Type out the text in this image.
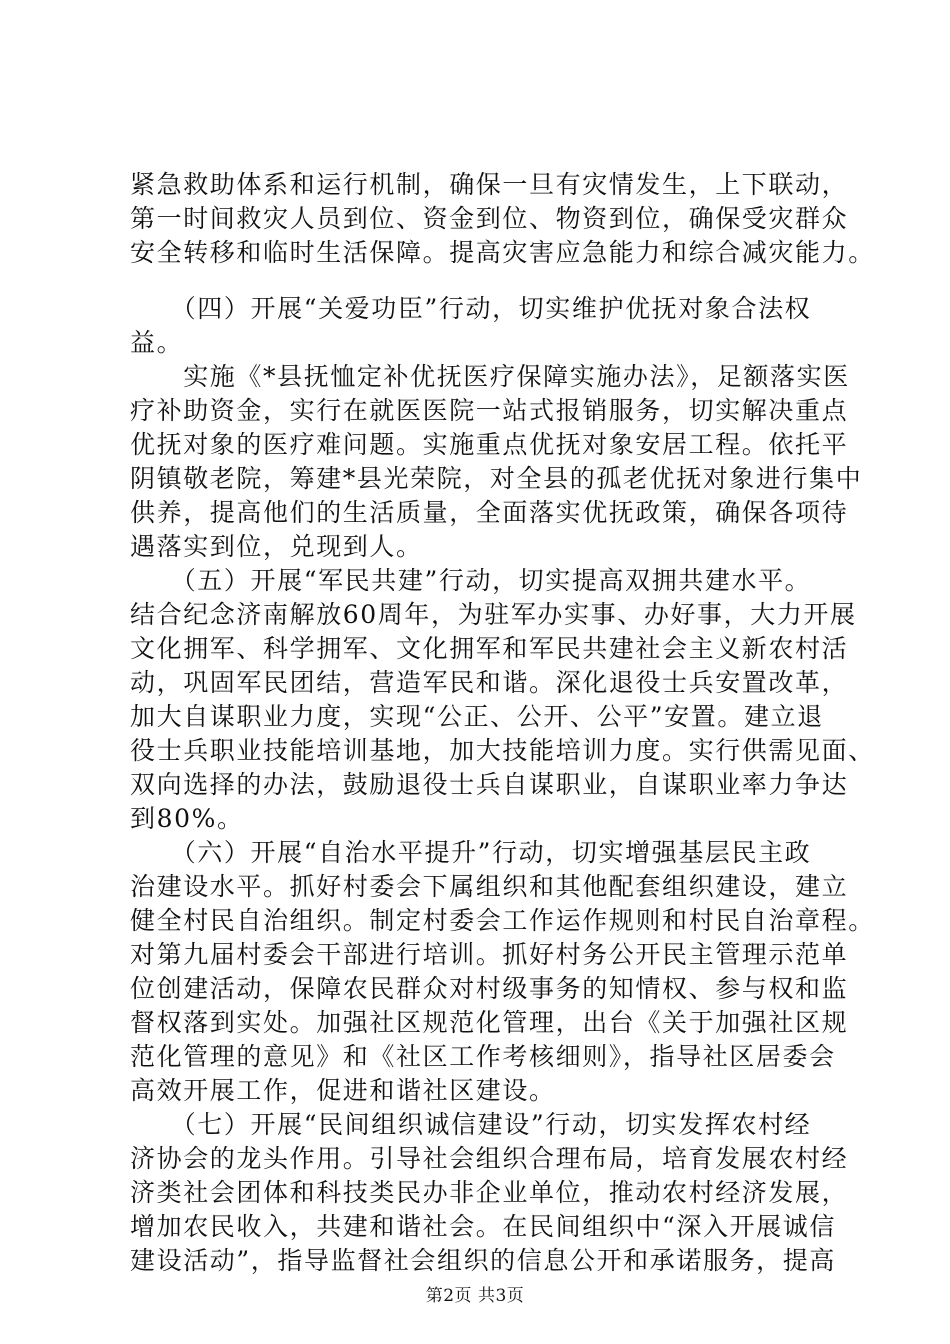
紧急救助体系和运行机制，确保一旦有灾情发生，上下联动，
第一时间救灾人员到位、资金到位、物资到位，确保受灾群众
安全转移和临时生活保障。提高灾害应急能力和综合减灾能力。
　　（四）开展“关爱功臣”行动，切实维护优抚对象合法权
益。
　　实施《*县抚恤定补优抚医疗保障实施办法》，足额落实医
疗补助资金，实行在就医医院一站式报销服务，切实解决重点
优抚对象的医疗难问题。实施重点优抚对象安居工程。依托平
阴镇敬老院，筹建*县光荣院，对全县的孤老优抚对象进行集中
供养，提高他们的生活质量，全面落实优抚政策，确保各项待
遇落实到位，兑现到人。
　　（五）开展“军民共建”行动，切实提高双拥共建水平。
结合纪念济南解放60周年，为驻军办实事、办好事，大力开展
文化拥军、科学拥军、文化拥军和军民共建社会主义新农村活
动，巩固军民团结，营造军民和谐。深化退役士兵安置改革，
加大自谋职业力度，实现“公正、公开、公平”安置。建立退
役士兵职业技能培训基地，加大技能培训力度。实行供需见面、
双向选择的办法，鼓励退役士兵自谋职业，自谋职业率力争达
到80%。
　　（六）开展“自治水平提升”行动，切实增强基层民主政
治建设水平。抓好村委会下属组织和其他配套组织建设，建立
健全村民自治组织。制定村委会工作运作规则和村民自治章程。
对第九届村委会干部进行培训。抓好村务公开民主管理示范单
位创建活动，保障农民群众对村级事务的知情权、参与权和监
督权落到实处。加强社区规范化管理，出台《关于加强社区规
范化管理的意见》和《社区工作考核细则》，指导社区居委会
高效开展工作，促进和谐社区建设。
　　（七）开展“民间组织诚信建设”行动，切实发挥农村经
济协会的龙头作用。引导社会组织合理布局，培育发展农村经
济类社会团体和科技类民办非企业单位，推动农村经济发展，
增加农民收入，共建和谐社会。在民间组织中“深入开展诚信
建设活动”，指导监督社会组织的信息公开和承诺服务，提高
第2页 共3页
